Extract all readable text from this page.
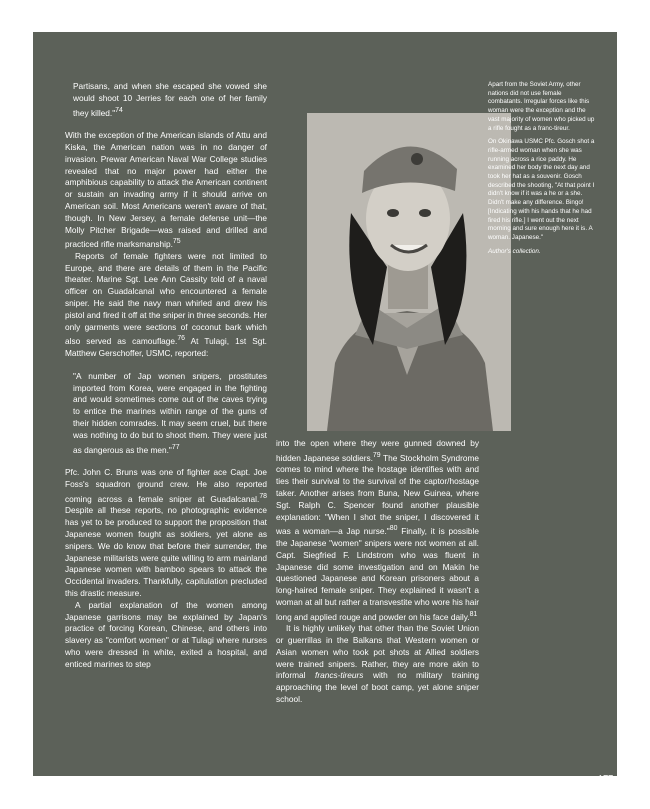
Partisans, and when she escaped she vowed she would shoot 10 Jerries for each one of her family they killed."$^{74}$

With the exception of the American islands of Attu and Kiska, the American nation was in no danger of invasion. Prewar American Naval War College studies revealed that no major power had either the amphibious capability to attack the American continent or sustain an invading army if it should arrive on American soil. Most Americans weren't aware of that, though. In New Jersey, a female defense unit—the Molly Pitcher Brigade—was raised and drilled and practiced rifle marksmanship.$^{75}$

Reports of female fighters were not limited to Europe, and there are details of them in the Pacific theater. Marine Sgt. Lee Ann Cassity told of a naval officer on Guadalcanal who encountered a female sniper. He said the navy man whirled and drew his pistol and fired it off at the sniper in three seconds. Her only garments were sections of coconut bark which also served as camouflage.$^{76}$ At Tulagi, 1st Sgt. Matthew Gerschoffer, USMC, reported:

"A number of Jap women snipers, prostitutes imported from Korea, were engaged in the fighting and would sometimes come out of the caves trying to entice the marines within range of the guns of their hidden comrades. It may seem cruel, but there was nothing to do but to shoot them. They were just as dangerous as the men."$^{77}$

Pfc. John C. Bruns was one of fighter ace Capt. Joe Foss's squadron ground crew. He also reported coming across a female sniper at Guadalcanal.$^{78}$ Despite all these reports, no photographic evidence has yet to be produced to support the proposition that Japanese women fought as soldiers, yet alone as snipers. We do know that before their surrender, the Japanese militarists were quite willing to arm mainland Japanese women with bamboo spears to attack the Occidental invaders. Thankfully, capitulation precluded this drastic measure.

A partial explanation of the women among Japanese garrisons may be explained by Japan's practice of forcing Korean, Chinese, and others into slavery as "comfort women" or at Tulagi where nurses who were dressed in white, exited a hospital, and enticed marines to step

Apart from the Soviet Army, other nations did not use female combatants. Irregular forces like this woman were the exception and the vast majority of women who picked up a rifle fought as a franc-tireur.

On Okinawa USMC Pfc. Gosch shot a rifle-armed woman when she was running across a rice paddy. He examined her body the next day and took her hat as a souvenir. Gosch described the shooting, "At that point I didn't know if it was a he or a she. Didn't make any difference. Bingo! [Indicating with his hands that he had fired his rifle.] I went out the next morning and sure enough here it is. A woman. Japanese."

Author's collection.

into the open where they were gunned downed by hidden Japanese soldiers.$^{79}$ The Stockholm Syndrome comes to mind where the hostage identifies with and ties their survival to the survival of the captor/hostage taker. Another arises from Buna, New Guinea, where Sgt. Ralph C. Spencer found another plausible explanation: "When I shot the sniper, I discovered it was a woman—a Jap nurse."$^{80}$ Finally, it is possible the Japanese "women" snipers were not women at all. Capt. Siegfried F. Lindstrom who was fluent in Japanese did some investigation and on Makin he questioned Japanese and Korean prisoners about a long-haired female sniper. They explained it wasn't a woman at all but rather a transvestite who wore his hair long and applied rouge and powder on his face daily.$^{81}$

It is highly unlikely that other than the Soviet Union or guerrillas in the Balkans that Western women or Asian women who took pot shots at Allied soldiers were trained snipers. Rather, they are more akin to informal francs-tireurs with no military training approaching the level of boot camp, yet alone sniper school.

177
